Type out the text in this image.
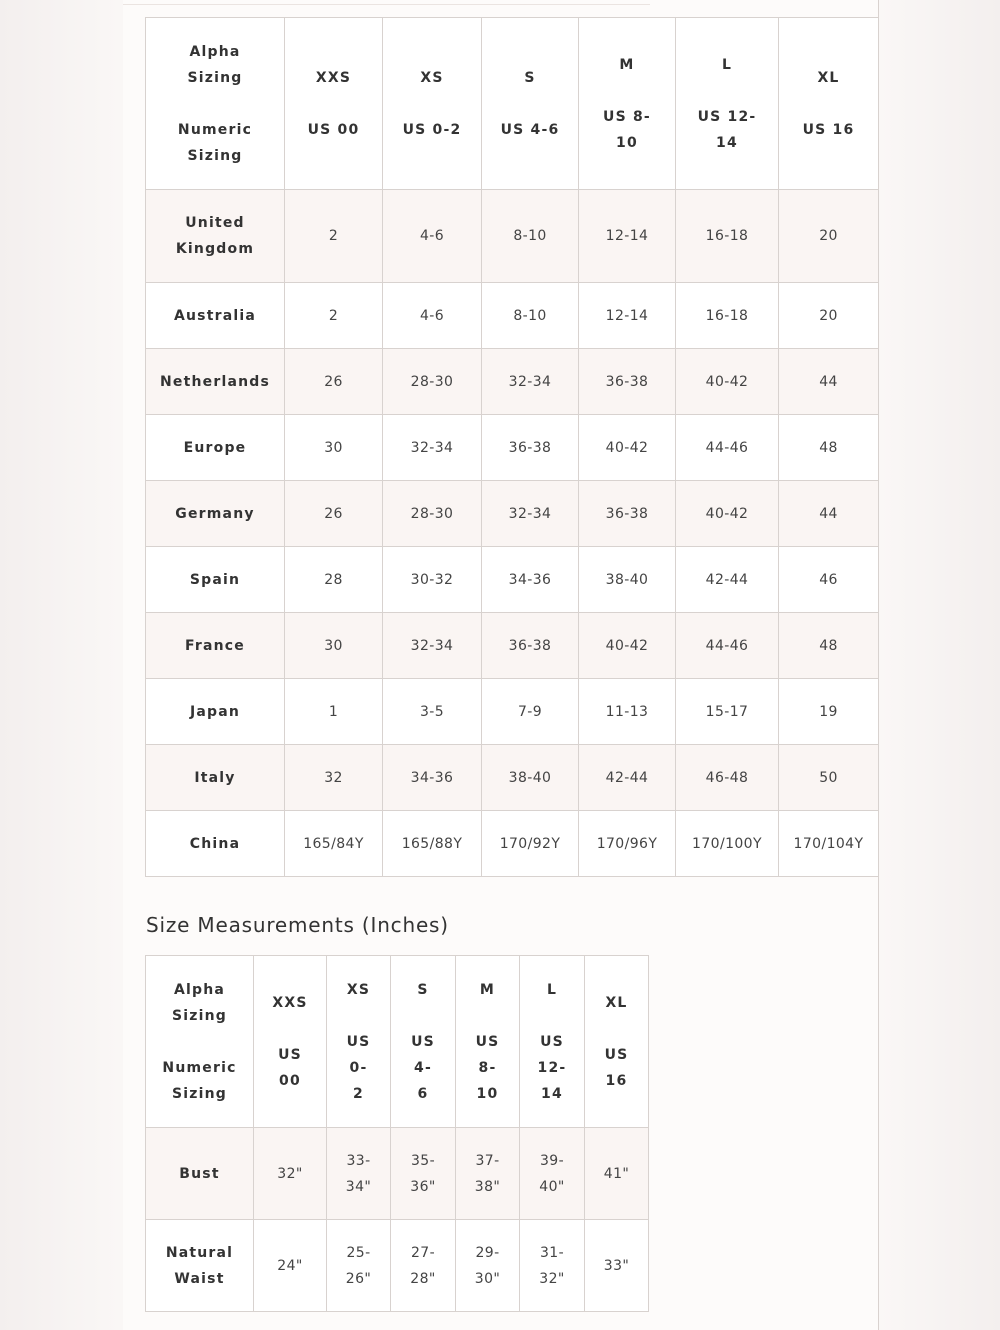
Alpha Sizing
Numeric Sizing	XXS
US 00	XS
US 0-2	S
US 4-6	M
US 8-
10	L
US 12-
14	XL
US 16

United
Kingdom	2	4-6	8-10	12-14	16-18	20
Australia	2	4-6	8-10	12-14	16-18	20
Netherlands	26	28-30	32-34	36-38	40-42	44
Europe	30	32-34	36-38	40-42	44-46	48
Germany	26	28-30	32-34	36-38	40-42	44
Spain	28	30-32	34-36	38-40	42-44	46
France	30	32-34	36-38	40-42	44-46	48
Japan	1	3-5	7-9	11-13	15-17	19
Italy	32	34-36	38-40	42-44	46-48	50
China	165/84Y	165/88Y	170/92Y	170/96Y	170/100Y	170/104Y
Size Measurements (Inches)
Alpha
Sizing
Numeric
Sizing	XXS
US
00	XS
US
0-
2	S
US
4-
6	M
US
8-
10	L
US
12-
14	XL
US
16

Bust	32"	33-
34"	35-
36"	37-
38"	39-
40"	41"

Natural
Waist	24"	25-
26"	27-
28"	29-
30"	31-
32"	33"
